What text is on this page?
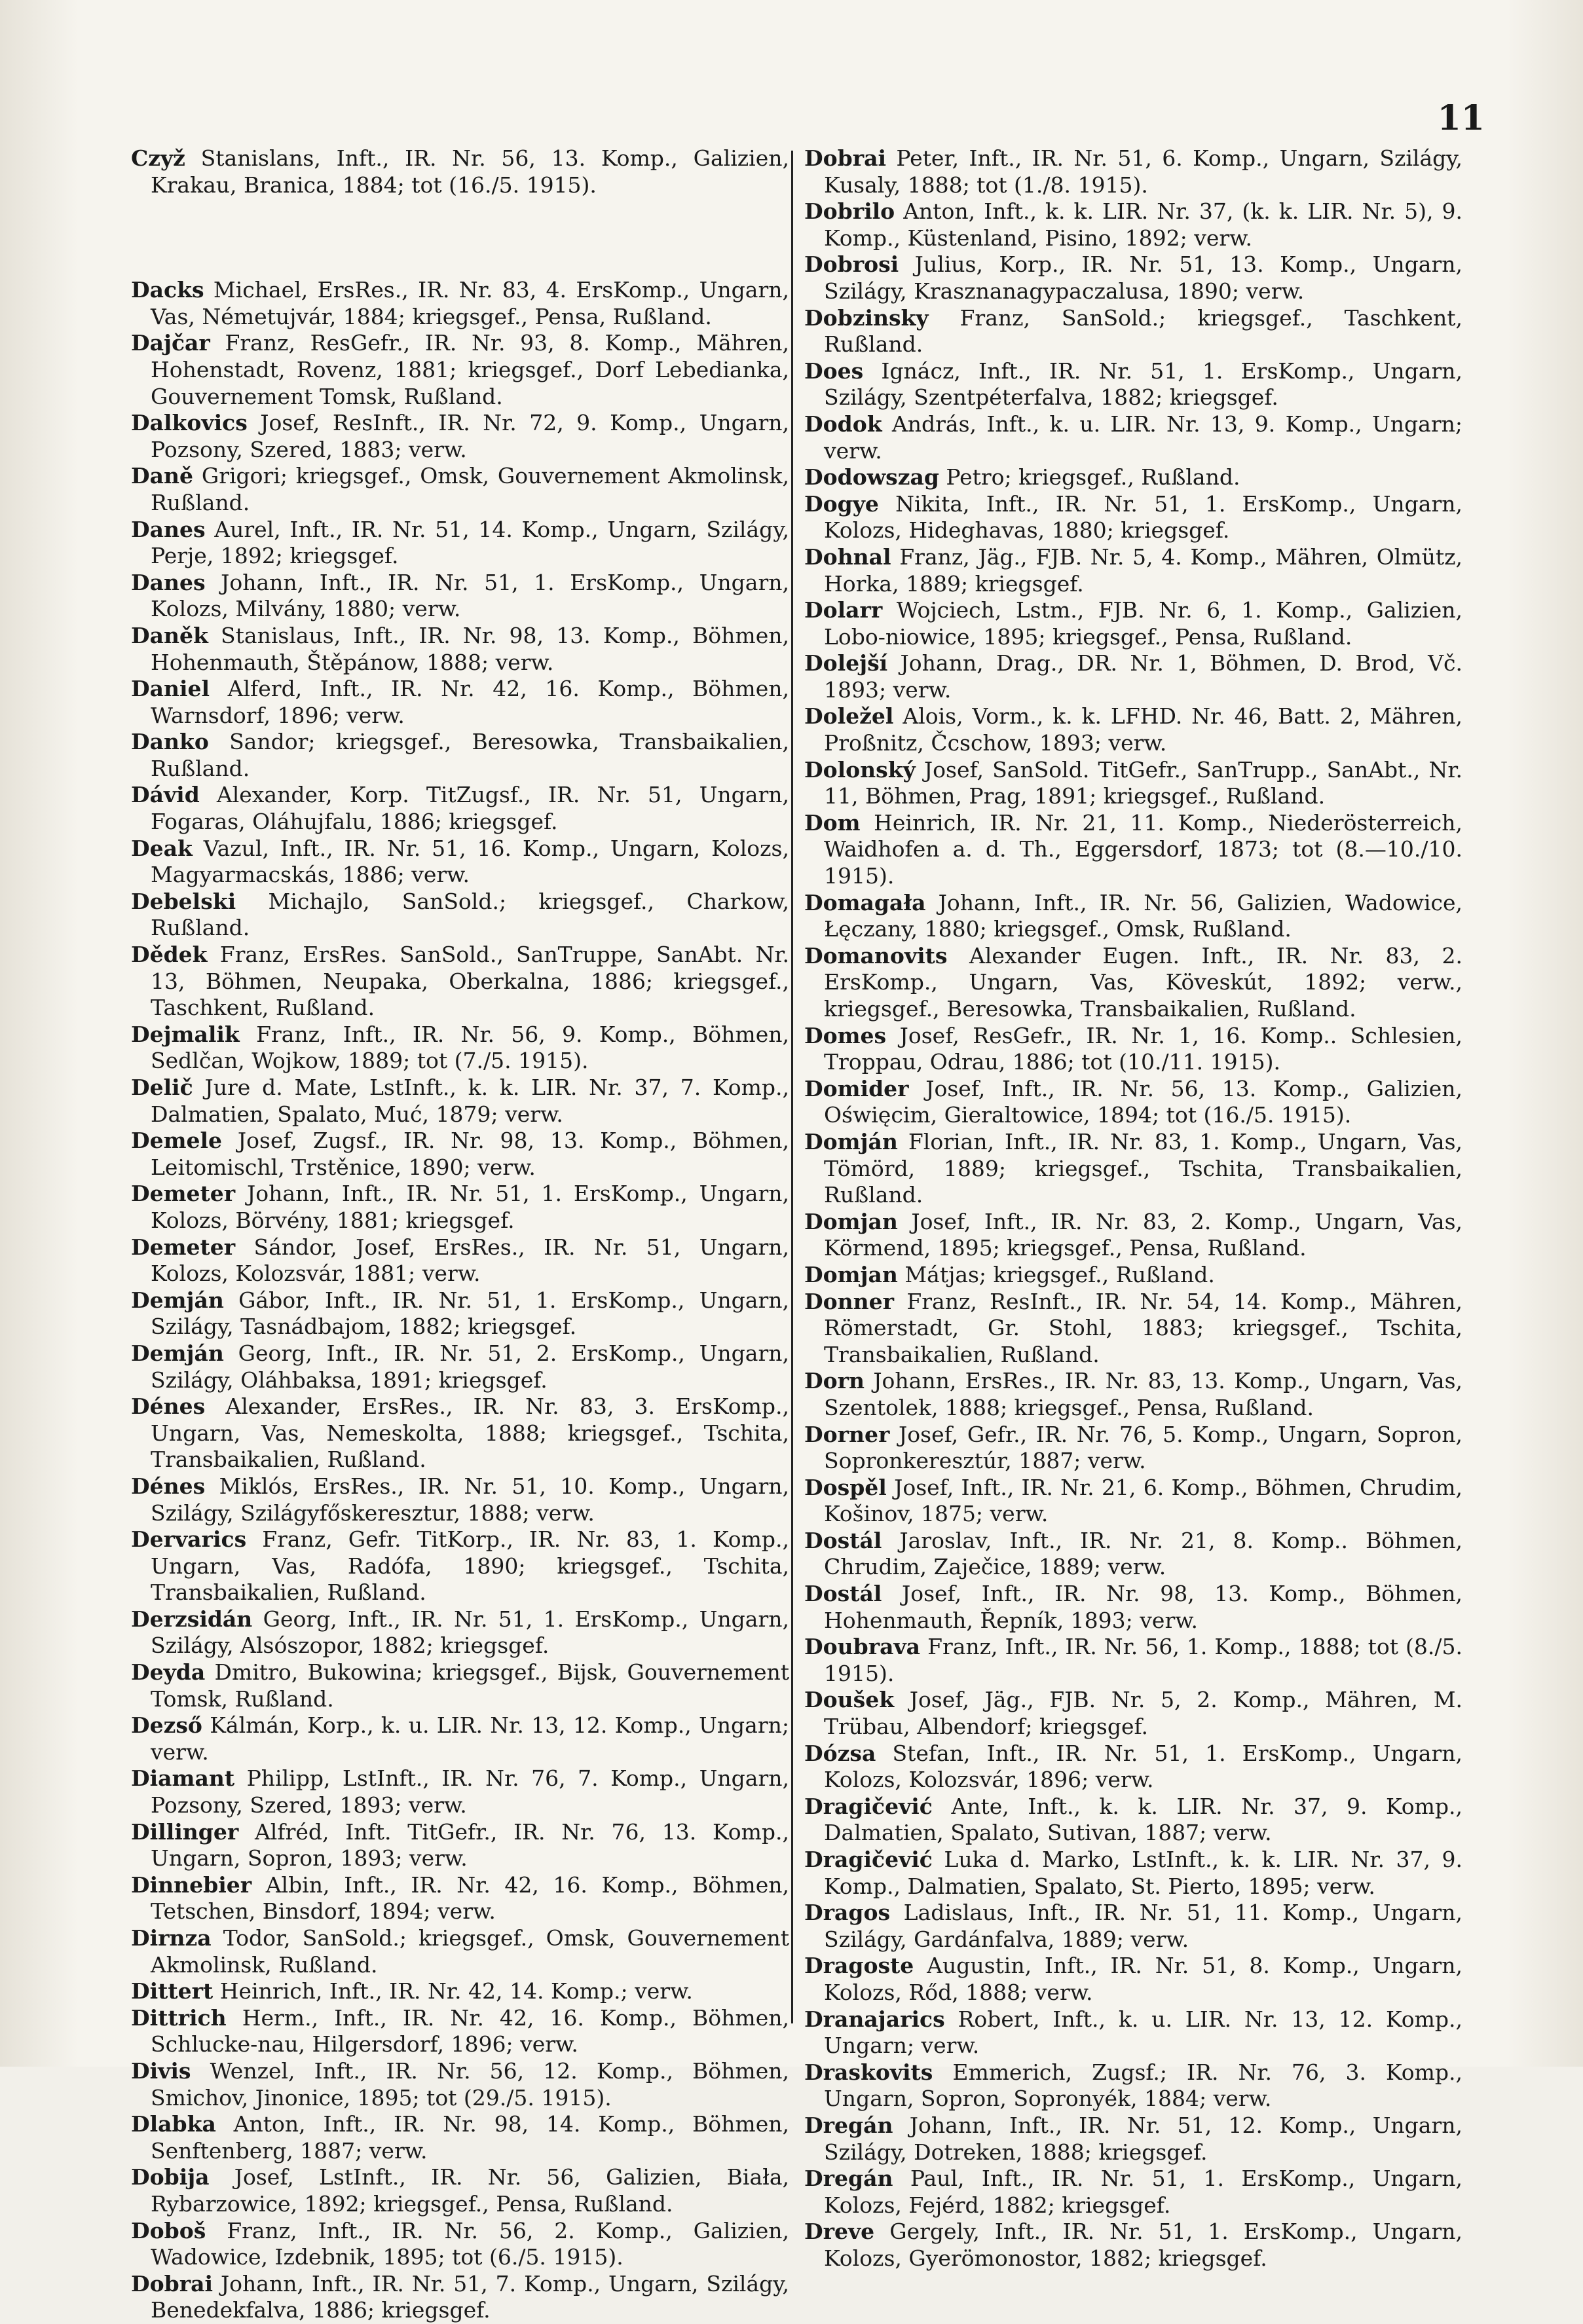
11

Czyž Stanislans, Inft., IR. Nr. 56, 13. Komp., Galizien, Krakau, Branica, 1884; tot (16./5. 1915).

Dacks Michael, ErsRes., IR. Nr. 83, 4. ErsKomp., Ungarn, Vas, Németujvár, 1884; kriegsgef., Pensa, Rußland.

Dajčar Franz, ResGefr., IR. Nr. 93, 8. Komp., Mähren, Hohenstadt, Rovenz, 1881; kriegsgef., Dorf Lebedianka, Gouvernement Tomsk, Rußland.

Dalkovics Josef, ResInft., IR. Nr. 72, 9. Komp., Ungarn, Pozsony, Szered, 1883; verw.

Daně Grigori; kriegsgef., Omsk, Gouvernement Akmolinsk, Rußland.

Danes Aurel, Inft., IR. Nr. 51, 14. Komp., Ungarn, Szilágy, Perje, 1892; kriegsgef.

Danes Johann, Inft., IR. Nr. 51, 1. ErsKomp., Ungarn, Kolozs, Milvány, 1880; verw.

Daněk Stanislaus, Inft., IR. Nr. 98, 13. Komp., Böhmen, Hohenmauth, Štěpánow, 1888; verw.

Daniel Alferd, Inft., IR. Nr. 42, 16. Komp., Böhmen, Warnsdorf, 1896; verw.

Danko Sandor; kriegsgef., Beresowka, Transbaikalien, Rußland.

Dávid Alexander, Korp. TitZugsf., IR. Nr. 51, Ungarn, Fogaras, Oláhujfalu, 1886; kriegsgef.

Deak Vazul, Inft., IR. Nr. 51, 16. Komp., Ungarn, Kolozs, Magyarmacskás, 1886; verw.

Debelski Michajlo, SanSold.; kriegsgef., Charkow, Rußland.

Dědek Franz, ErsRes. SanSold., SanTruppe, SanAbt. Nr. 13, Böhmen, Neupaka, Oberkalna, 1886; kriegsgef., Taschkent, Rußland.

Dejmalik Franz, Inft., IR. Nr. 56, 9. Komp., Böhmen, Sedlčan, Wojkow, 1889; tot (7./5. 1915).

Delič Jure d. Mate, LstInft., k. k. LIR. Nr. 37, 7. Komp., Dalmatien, Spalato, Muć, 1879; verw.

Demele Josef, Zugsf., IR. Nr. 98, 13. Komp., Böhmen, Leitomischl, Trstěnice, 1890; verw.

Demeter Johann, Inft., IR. Nr. 51, 1. ErsKomp., Ungarn, Kolozs, Börvény, 1881; kriegsgef.

Demeter Sándor, Josef, ErsRes., IR. Nr. 51, Ungarn, Kolozs, Kolozsvár, 1881; verw.

Demján Gábor, Inft., IR. Nr. 51, 1. ErsKomp., Ungarn, Szilágy, Tasnádbajom, 1882; kriegsgef.

Demján Georg, Inft., IR. Nr. 51, 2. ErsKomp., Ungarn, Szilágy, Oláhbaksa, 1891; kriegsgef.

Dénes Alexander, ErsRes., IR. Nr. 83, 3. ErsKomp., Ungarn, Vas, Nemeskolta, 1888; kriegsgef., Tschita, Transbaikalien, Rußland.

Dénes Miklós, ErsRes., IR. Nr. 51, 10. Komp., Ungarn, Szilágy, Szilágyfőskeresztur, 1888; verw.

Dervarics Franz, Gefr. TitKorp., IR. Nr. 83, 1. Komp., Ungarn, Vas, Radófa, 1890; kriegsgef., Tschita, Transbaikalien, Rußland.

Derzsidán Georg, Inft., IR. Nr. 51, 1. ErsKomp., Ungarn, Szilágy, Alsószopor, 1882; kriegsgef.

Deyda Dmitro, Bukowina; kriegsgef., Bijsk, Gouvernement Tomsk, Rußland.

Dezső Kálmán, Korp., k. u. LIR. Nr. 13, 12. Komp., Ungarn; verw.

Diamant Philipp, LstInft., IR. Nr. 76, 7. Komp., Ungarn, Pozsony, Szered, 1893; verw.

Dillinger Alfréd, Inft. TitGefr., IR. Nr. 76, 13. Komp., Ungarn, Sopron, 1893; verw.

Dinnebier Albin, Inft., IR. Nr. 42, 16. Komp., Böhmen, Tetschen, Binsdorf, 1894; verw.

Dirnza Todor, SanSold.; kriegsgef., Omsk, Gouvernement Akmolinsk, Rußland.

Dittert Heinrich, Inft., IR. Nr. 42, 14. Komp.; verw.

Dittrich Herm., Inft., IR. Nr. 42, 16. Komp., Böhmen, Schlucke-nau, Hilgersdorf, 1896; verw.

Divis Wenzel, Inft., IR. Nr. 56, 12. Komp., Böhmen, Smichov, Jinonice, 1895; tot (29./5. 1915).

Dlabka Anton, Inft., IR. Nr. 98, 14. Komp., Böhmen, Senftenberg, 1887; verw.

Dobija Josef, LstInft., IR. Nr. 56, Galizien, Biała, Rybarzowice, 1892; kriegsgef., Pensa, Rußland.

Doboš Franz, Inft., IR. Nr. 56, 2. Komp., Galizien, Wadowice, Izdebnik, 1895; tot (6./5. 1915).

Dobrai Johann, Inft., IR. Nr. 51, 7. Komp., Ungarn, Szilágy, Benedekfalva, 1886; kriegsgef.

Dobrai Peter, Inft., IR. Nr. 51, 6. Komp., Ungarn, Szilágy, Kusaly, 1888; tot (1./8. 1915).

Dobrilo Anton, Inft., k. k. LIR. Nr. 37, (k. k. LIR. Nr. 5), 9. Komp., Küstenland, Pisino, 1892; verw.

Dobrosi Julius, Korp., IR. Nr. 51, 13. Komp., Ungarn, Szilágy, Krasznanagypaczalusa, 1890; verw.

Dobzinsky Franz, SanSold.; kriegsgef., Taschkent, Rußland.

Does Ignácz, Inft., IR. Nr. 51, 1. ErsKomp., Ungarn, Szilágy, Szentpéterfalva, 1882; kriegsgef.

Dodok András, Inft., k. u. LIR. Nr. 13, 9. Komp., Ungarn; verw.

Dodowszag Petro; kriegsgef., Rußland.

Dogye Nikita, Inft., IR. Nr. 51, 1. ErsKomp., Ungarn, Kolozs, Hideghavas, 1880; kriegsgef.

Dohnal Franz, Jäg., FJB. Nr. 5, 4. Komp., Mähren, Olmütz, Horka, 1889; kriegsgef.

Dolarr Wojciech, Lstm., FJB. Nr. 6, 1. Komp., Galizien, Lobo-niowice, 1895; kriegsgef., Pensa, Rußland.

Dolejší Johann, Drag., DR. Nr. 1, Böhmen, D. Brod, Vč. 1893; verw.

Doležel Alois, Vorm., k. k. LFHD. Nr. 46, Batt. 2, Mähren, Proßnitz, Čcschow, 1893; verw.

Dolonský Josef, SanSold. TitGefr., SanTrupp., SanAbt., Nr. 11, Böhmen, Prag, 1891; kriegsgef., Rußland.

Dom Heinrich, IR. Nr. 21, 11. Komp., Niederösterreich, Waidhofen a. d. Th., Eggersdorf, 1873; tot (8.—10./10. 1915).

Domagała Johann, Inft., IR. Nr. 56, Galizien, Wadowice, Łęczany, 1880; kriegsgef., Omsk, Rußland.

Domanovits Alexander Eugen. Inft., IR. Nr. 83, 2. ErsKomp., Ungarn, Vas, Köveskút, 1892; verw., kriegsgef., Beresowka, Transbaikalien, Rußland.

Domes Josef, ResGefr., IR. Nr. 1, 16. Komp.. Schlesien, Troppau, Odrau, 1886; tot (10./11. 1915).

Domider Josef, Inft., IR. Nr. 56, 13. Komp., Galizien, Oświęcim, Gieraltowice, 1894; tot (16./5. 1915).

Domján Florian, Inft., IR. Nr. 83, 1. Komp., Ungarn, Vas, Tömörd, 1889; kriegsgef., Tschita, Transbaikalien, Rußland.

Domjan Josef, Inft., IR. Nr. 83, 2. Komp., Ungarn, Vas, Körmend, 1895; kriegsgef., Pensa, Rußland.

Domjan Mátjas; kriegsgef., Rußland.

Donner Franz, ResInft., IR. Nr. 54, 14. Komp., Mähren, Römerstadt, Gr. Stohl, 1883; kriegsgef., Tschita, Transbaikalien, Rußland.

Dorn Johann, ErsRes., IR. Nr. 83, 13. Komp., Ungarn, Vas, Szentolek, 1888; kriegsgef., Pensa, Rußland.

Dorner Josef, Gefr., IR. Nr. 76, 5. Komp., Ungarn, Sopron, Sopronkeresztúr, 1887; verw.

Dospěl Josef, Inft., IR. Nr. 21, 6. Komp., Böhmen, Chrudim, Košinov, 1875; verw.

Dostál Jaroslav, Inft., IR. Nr. 21, 8. Komp.. Böhmen, Chrudim, Zaječice, 1889; verw.

Dostál Josef, Inft., IR. Nr. 98, 13. Komp., Böhmen, Hohenmauth, Řepník, 1893; verw.

Doubrava Franz, Inft., IR. Nr. 56, 1. Komp., 1888; tot (8./5. 1915).

Doušek Josef, Jäg., FJB. Nr. 5, 2. Komp., Mähren, M. Trübau, Albendorf; kriegsgef.

Dózsa Stefan, Inft., IR. Nr. 51, 1. ErsKomp., Ungarn, Kolozs, Kolozsvár, 1896; verw.

Dragičević Ante, Inft., k. k. LIR. Nr. 37, 9. Komp., Dalmatien, Spalato, Sutivan, 1887; verw.

Dragičević Luka d. Marko, LstInft., k. k. LIR. Nr. 37, 9. Komp., Dalmatien, Spalato, St. Pierto, 1895; verw.

Dragos Ladislaus, Inft., IR. Nr. 51, 11. Komp., Ungarn, Szilágy, Gardánfalva, 1889; verw.

Dragoste Augustin, Inft., IR. Nr. 51, 8. Komp., Ungarn, Kolozs, Rőd, 1888; verw.

Dranajarics Robert, Inft., k. u. LIR. Nr. 13, 12. Komp., Ungarn; verw.

Draskovits Emmerich, Zugsf.; IR. Nr. 76, 3. Komp., Ungarn, Sopron, Sopronyék, 1884; verw.

Dregán Johann, Inft., IR. Nr. 51, 12. Komp., Ungarn, Szilágy, Dotreken, 1888; kriegsgef.

Dregán Paul, Inft., IR. Nr. 51, 1. ErsKomp., Ungarn, Kolozs, Fejérd, 1882; kriegsgef.

Dreve Gergely, Inft., IR. Nr. 51, 1. ErsKomp., Ungarn, Kolozs, Gyerömonostor, 1882; kriegsgef.
